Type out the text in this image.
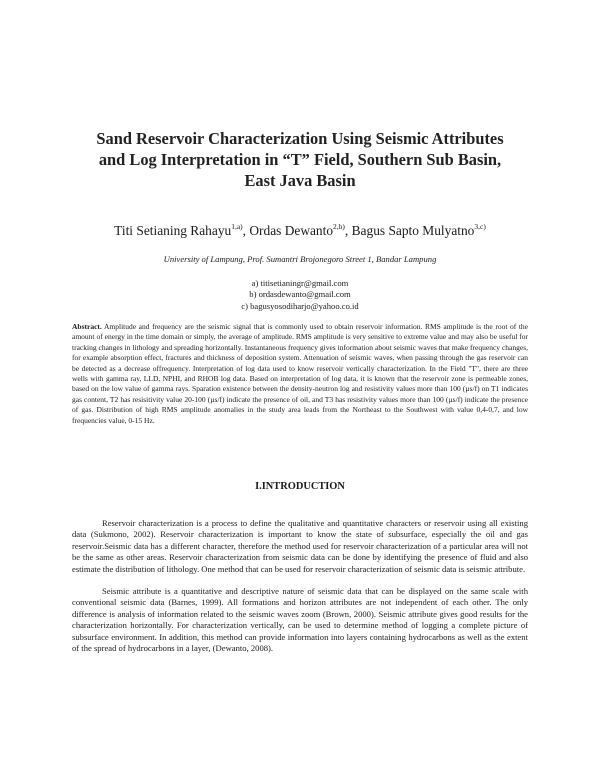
Sand Reservoir Characterization Using Seismic Attributes
and Log Interpretation in “T” Field, Southern Sub Basin,
East Java Basin
Titi Setianing Rahayu$^{1,a)}$, Ordas Dewanto$^{2,b)}$, Bagus Sapto Mulyatno$^{3,c)}$
University of Lampung, Prof. Sumantri Brojonegoro Street 1, Bandar Lampung
a) titisetianingr@gmail.com
b) ordasdewanto@gmail.com
c) bagusyosodiharjo@yahoo.co.id
Abstract. Amplitude and frequency are the seismic signal that is commonly used to obtain reservoir information. RMS amplitude is the root of the amount of energy in the time domain or simply, the average of amplitude. RMS amplitude is very sensitive to extreme value and may also be useful for tracking changes in lithology and spreading horizontally. Instantaneous frequency gives information about seismic waves that make frequency changes, for example absorption effect, fractures and thickness of deposition system. Attenuation of seismic waves, when passing through the gas reservoir can be detected as a decrease offrequency. Interpretation of log data used to know reservoir vertically characterization. In the Field "T", there are three wells with gamma ray, LLD, NPHI, and RHOB log data. Based on interpretation of log data, it is known that the reservoir zone is permeable zones, based on the low value of gamma rays. Sparation existence between the density-neutron log and resistivity values more than 100 (µs/f) on T1 indicates gas content, T2 has resisitivity value 20-100 (µs/f) indicate the presence of oil, and T3 has resistivity values more than 100 (µs/f) indicate the presence of gas. Distribution of high RMS amplitude anomalies in the study area leads from the Northeast to the Southwest with value 0,4-0,7, and low frequencies value, 0-15 Hz.
I.INTRODUCTION

Reservoir characterization is a process to define the qualitative and quantitative characters or reservoir using all existing data (Sukmono, 2002). Reservoir characterization is important to know the state of subsurface, especially the oil and gas reservoir.Seismic data has a different character, therefore the method used for reservoir characterization of a particular area will not be the same as other areas. Reservoir characterization from seismic data can be done by identifying the presence of fluid and also estimate the distribution of lithology. One method that can be used for reservoir characterization of seismic data is seismic attribute.

Seismic attribute is a quantitative and descriptive nature of seismic data that can be displayed on the same scale with conventional seismic data (Barnes, 1999). All formations and horizon attributes are not independent of each other. The only difference is analysis of information related to the seismic waves zoom (Brown, 2000). Seismic attribute gives good results for the characterization horizontally. For characterization vertically, can be used to determine method of logging a complete picture of subsurface environment. In addition, this method can provide information into layers containing hydrocarbons as well as the extent of the spread of hydrocarbons in a layer, (Dewanto, 2008).
